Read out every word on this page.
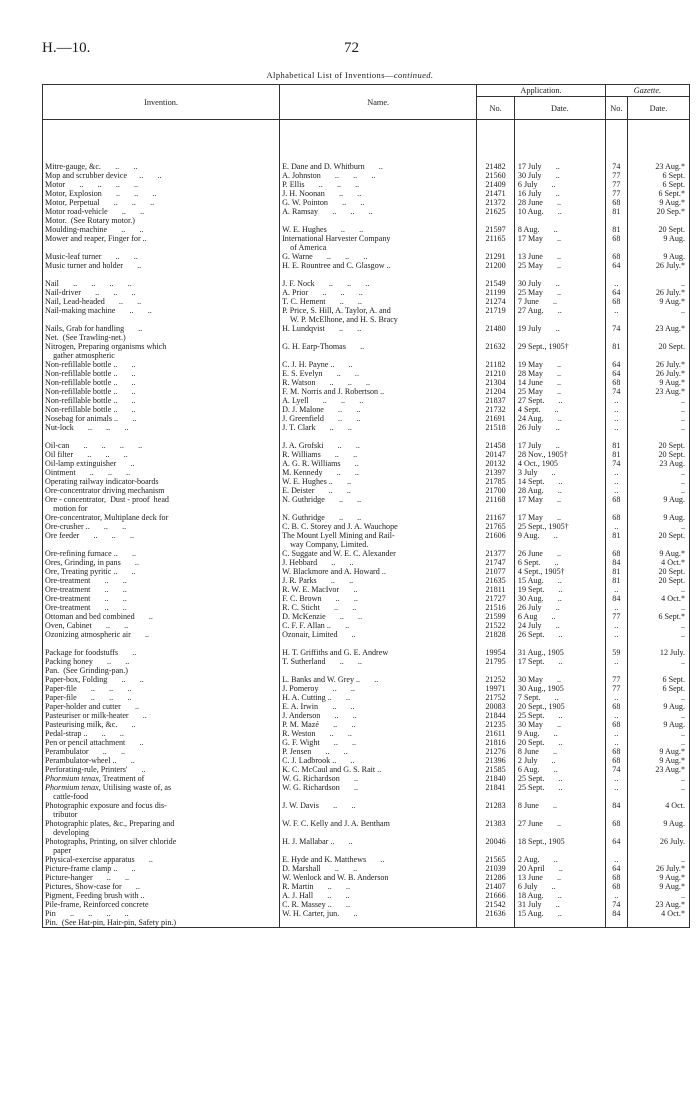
H.—10.	72
Alphabetical List of Inventions—continued.
Invention.	Name.	Application.		Gazette.	
		No.	Date.	No.	Date.

Mitre-gauge, &c.       ..       ..	E. Dane and D. Whitburn       ..	21482	17 July       ..	74	23 Aug.*
Mop and scrubber device      ..       ..	A. Johnston       ..       ..       ..	21560	30 July       ..	77	6 Sept.
Motor       ..       ..       ..       ..	P. Ellis       ..       ..       ..	21409	6 July       ..	77	6 Sept.
Motor, Explosion       ..       ..       ..	J. H. Noonan       ..       ..	21471	16 July       ..	77	6 Sept.*
Motor, Perpetual       ..       ..       ..	G. W. Pointon       ..       ..	21372	28 June       ..	68	9 Aug.*
Motor road-vehicle       ..       ..	A. Ramsay       ..       ..       ..	21625	10 Aug.       ..	81	20 Sep.*
Motor.  (See Rotary motor.)					
Moulding-machine       ..       ..	W. E. Hughes       ..       ..	21597	8 Aug.       ..	81	20 Sept.
Mower and reaper, Finger for ..	International Harvester Company	21165	17 May       ..	68	9 Aug.
	of America				
Music-leaf turner       ..       ..	G. Warne       ..       ..       ..	21291	13 June       ..	68	9 Aug.
Music turner and holder       ..	H. E. Rountree and C. Glasgow ..	21200	25 May       ..	64	26 July.*

Nail       ..       ..       ..       ..	J. F. Nock       ..       ..       ..	21549	30 July       ..	..	..
Nail-driver       ..       ..       ..	A. Prior       ..       ..       ..	21199	25 May       ..	64	26 July.*
Nail, Lead-headed       ..       ..	T. C. Hement       ..       ..	21274	7 June       ..	68	9 Aug.*
Nail-making machine       ..       ..	P. Price, S. Hill, A. Taylor, A. and	21719	27 Aug.       ..	..	..
	W. P. McElhone, and H. S. Bracy				
Nails, Grab for handling       ..	H. Lundqvist       ..       ..	21480	19 July       ..	74	23 Aug.*
Net.  (See Trawling-net.)					
Nitrogen, Preparing organisms which	G. H. Earp-Thomas       ..	21632	29 Sept., 1905†	81	20 Sept.
gather atmospheric					
Non-refillable bottle ..       ..	C. J. H. Payne ..       ..	21182	19 May       ..	64	26 July.*
Non-refillable bottle ..       ..	E. S. Evelyn       ..       ..	21210	28 May       ..	64	26 July.*
Non-refillable bottle ..       ..	R. Watson       ..       ..       ..	21304	14 June       ..	68	9 Aug.*
Non-refillable bottle ..       ..	F. M. Norris and J. Robertson ..	21204	25 May       ..	74	23 Aug.*
Non-refillable bottle ..       ..	A. Lyell       ..       ..       ..	21837	27 Sept.       ..	..	..
Non-refillable bottle ..       ..	D. J. Malone       ..       ..	21732	4 Sept.       ..	..	..
Nosebag for animals ..       ..	J. Greenfield       ..       ..	21691	24 Aug.       ..	..	..
Nut-lock       ..       ..       ..	J. T. Clark       ..       ..	21518	26 July       ..	..	..

Oil-can       ..       ..       ..       ..	J. A. Grofski       ..       ..	21458	17 July       ..	81	20 Sept.
Oil filter       ..       ..       ..	R. Williams       ..       ..	20147	28 Nov., 1905†	81	20 Sept.
Oil-lamp extinguisher       ..	A. G. R. Williams       ..	20132	4 Oct., 1905	74	23 Aug.
Ointment       ..       ..       ..	M. Kennedy       ..       ..	21397	3 July       ..	..	..
Operating railway indicator-boards	W. E. Hughes ..       ..	21785	14 Sept.       ..	..	..
Ore-concentrator driving mechanism	E. Deister       ..       ..	21700	28 Aug.       ..	..	..
Ore - concentrator,  Dust - proof  head	N. Guthridge       ..       ..	21168	17 May       ..	68	9 Aug.
motion for					
Ore-concentrator, Multiplane deck for	N. Guthridge       ..       ..	21167	17 May       ..	68	9 Aug.
Ore-crusher ..       ..       ..	C. B. C. Storey and J. A. Wauchope	21765	25 Sept., 1905†	..	..
Ore feeder       ..       ..       ..	The Mount Lyell Mining and Rail-	21606	9 Aug.       ..	81	20 Sept.
	way Company, Limited.				
Ore-refining furnace ..       ..	C. Suggate and W. E. C. Alexander	21377	26 June       ..	68	9 Aug.*
Ores, Grinding, in pans       ..	J. Hebbard       ..       ..	21747	6 Sept.       ..	84	4 Oct.*
Ore, Treating pyritic ..       ..	W. Blackmore and A. Howard ..	21077	4 Sept., 1905†	81	20 Sept.
Ore-treatment       ..       ..	J. R. Parks       ..       ..	21635	15 Aug.       ..	81	20 Sept.
Ore-treatment       ..       ..	R. W. E. MacIvor       ..	21811	19 Sept.       ..	..	..
Ore-treatment       ..       ..	F. C. Brown       ..       ..	21727	30 Aug.       ..	84	4 Oct.*
Ore-treatment       ..       ..	R. C. Sticht       ..       ..	21516	26 July       ..	..	..
Ottoman and bed combined       ..	D. McKenzie       ..       ..	21599	6 Aug       ..	77	6 Sept.*
Oven, Cabinet       ..       ..	C. F. F. Allan ..       ..	21522	24 July       ..	..	..
Ozonizing atmospheric air       ..	Ozonair, Limited       ..	21828	26 Sept.       ..	..	..

Package for foodstuffs       ..	H. T. Griffiths and G. E. Andrew	19954	31 Aug., 1905	59	12 July.
Packing honey       ..       ..	T. Sutherland       ..       ..	21795	17 Sept.       ..	..	..
Pan.  (See Grinding-pan.)					
Paper-box, Folding       ..       ..	L. Banks and W. Grey ..       ..	21252	30 May       ..	77	6 Sept.
Paper-file       ..       ..       ..	J. Pomeroy       ..       ..	19971	30 Aug., 1905	77	6 Sept.
Paper-file       ..       ..       ..	H. A. Cutting ..       ..	21752	7 Sept.       ..	..	..
Paper-holder and cutter       ..	E. A. Irwin       ..       ..	20083	20 Sept., 1905	68	9 Aug.
Pasteuriser or milk-heater       ..	J. Anderson       ..       ..	21844	25 Sept.       ..	..	..
Pasteurising milk, &c.       ..	P. M. Mazé       ..       ..	21235	30 May       ..	68	9 Aug.
Pedal-strap ..       ..       ..	R. Weston       ..       ..	21611	9 Aug.       ..	..	..
Pen or pencil attachment       ..	G. F. Wight       ..       ..	21816	20 Sept.       ..	..	..
Perambulator       ..       ..	P. Jensen       ..       ..	21276	8 June       ..	68	9 Aug.*
Perambulator-wheel ..       ..	C. J. Ladbrook ..       ..	21396	2 July       ..	68	9 Aug.*
Perforating-rule, Printers'       ..	K. C. McCaul and G. S. Rait ..	21585	6 Aug.       ..	74	23 Aug.*
Phormium tenax, Treatment of	W. G. Richardson       ..	21840	25 Sept.       ..	..	..
Phormium tenax, Utilising waste of, as	W. G. Richardson       ..	21841	25 Sept.       ..	..	..
cattle-food					
Photographic exposure and focus dis-	J. W. Davis       ..       ..	21283	8 June       ..	84	4 Oct.
tributor					
Photographic plates, &c., Preparing and	W. F. C. Kelly and J. A. Bentham	21383	27 June       ..	68	9 Aug.
developing					
Photographs, Printing, on silver chloride	H. J. Mallabar ..       ..	20046	18 Sept., 1905	64	26 July.
paper					
Physical-exercise apparatus       ..	E. Hyde and K. Matthews       ..	21565	2 Aug.       ..	..	..
Picture-frame clamp ..       ..	D. Marshall       ..       ..	21039	20 April       ..	64	26 July.*
Picture-hanger       ..       ..	W. Wenlock and W. B. Anderson	21286	13 June       ..	68	9 Aug.*
Pictures, Show-case for       ..	R. Martin       ..       ..	21407	6 July       ..	68	9 Aug.*
Pigment, Feeding brush with ..	A. J. Hall       ..       ..	21666	18 Aug.       ..	..	..
Pile-frame, Reinforced concrete	C. R. Massey ..       ..	21542	31 July       ..	74	23 Aug.*
Pin       ..       ..       ..       ..	W. H. Carter, jun.       ..	21636	15 Aug.       ..	84	4 Oct.*
Pin.  (See Hat-pin, Hair-pin, Safety pin.)					
